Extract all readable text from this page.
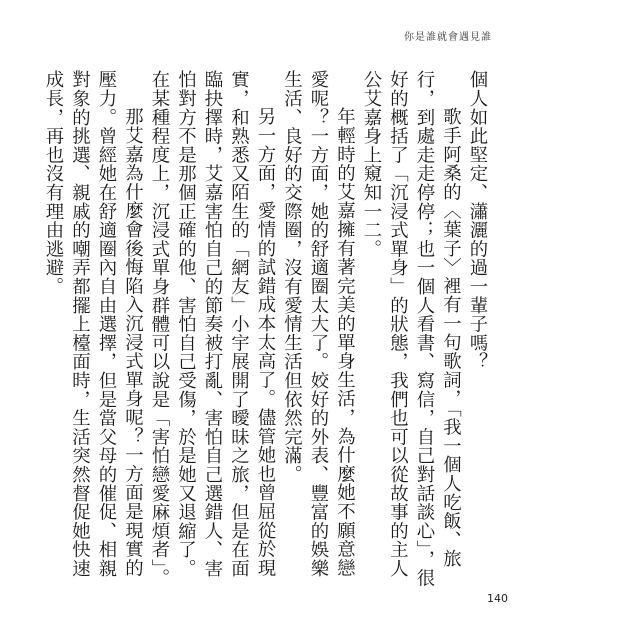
你是誰就會遇見誰

個人如此堅定、瀟灑的過一輩子嗎？

歌手阿桑的〈葉子〉裡有一句歌詞，「我一個人吃飯、旅行，到處走走停停；也一個人看書、寫信，自己對話談心」，很好的概括了「沉浸式單身」的狀態，我們也可以從故事的主人公艾嘉身上窺知一二。

年輕時的艾嘉擁有著完美的單身生活，為什麼她不願意戀愛呢？一方面，她的舒適圈太大了。姣好的外表、豐富的娛樂生活、良好的交際圈，沒有愛情生活但依然完滿。

另一方面，愛情的試錯成本太高了。儘管她也曾屈從於現實，和熟悉又陌生的「網友」小宇展開了曖昧之旅，但是在面臨抉擇時，艾嘉害怕自己的節奏被打亂、害怕自己選錯人、害怕對方不是那個正確的他、害怕自己受傷，於是她又退縮了。在某種程度上，沉浸式單身群體可以說是「害怕戀愛麻煩者」。

那艾嘉為什麼會後悔陷入沉浸式單身呢？一方面是現實的壓力。曾經她在舒適圈內自由選擇，但是當父母的催促、相親對象的挑選、親戚的嘲弄都擺上檯面時，生活突然督促她快速成長，再也沒有理由逃避。

140
